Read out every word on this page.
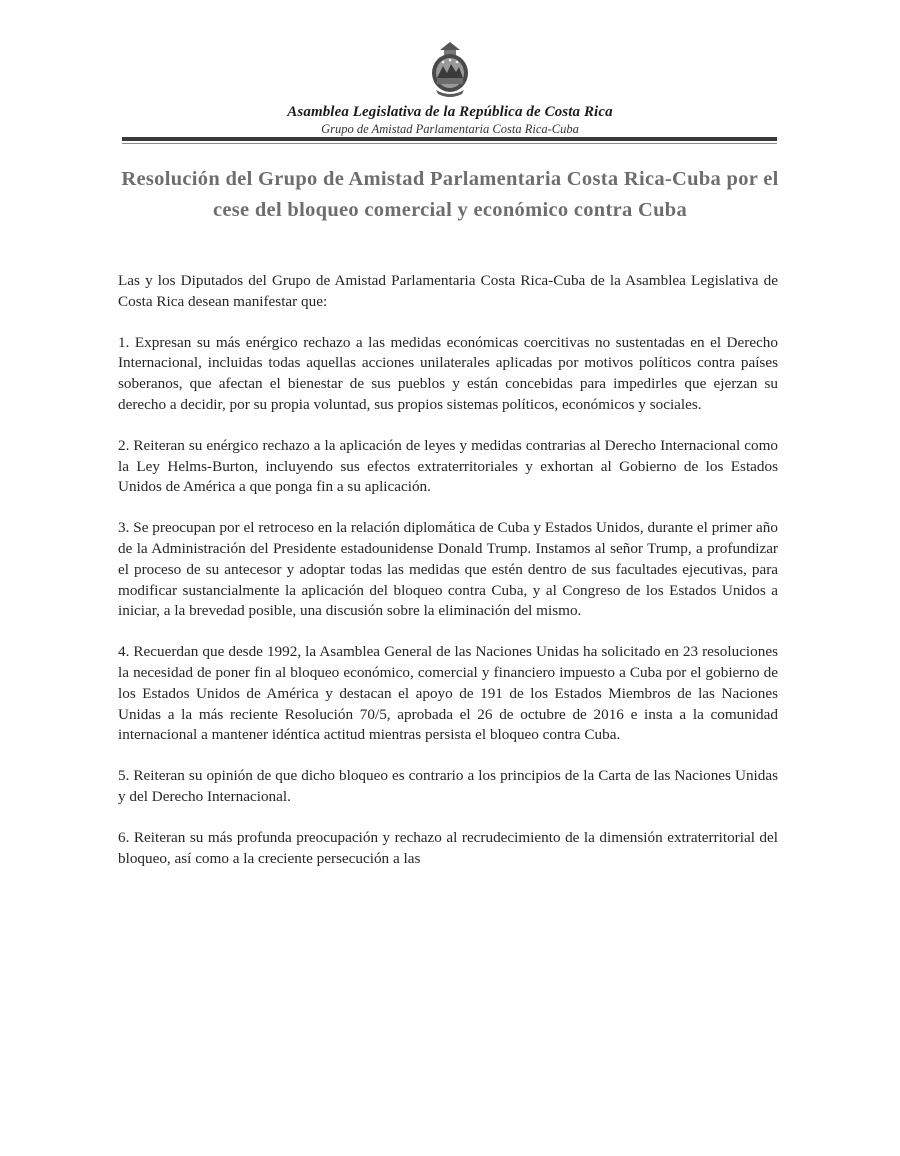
Asamblea Legislativa de la República de Costa Rica
Grupo de Amistad Parlamentaria Costa Rica-Cuba
Resolución del Grupo de Amistad Parlamentaria Costa Rica-Cuba por el cese del bloqueo comercial y económico contra Cuba

Las y los Diputados del Grupo de Amistad Parlamentaria Costa Rica-Cuba de la Asamblea Legislativa de Costa Rica desean manifestar que:

1. Expresan su más enérgico rechazo a las medidas económicas coercitivas no sustentadas en el Derecho Internacional, incluidas todas aquellas acciones unilaterales aplicadas por motivos políticos contra países soberanos, que afectan el bienestar de sus pueblos y están concebidas para impedirles que ejerzan su derecho a decidir, por su propia voluntad, sus propios sistemas políticos, económicos y sociales.

2. Reiteran su enérgico rechazo a la aplicación de leyes y medidas contrarias al Derecho Internacional como la Ley Helms-Burton, incluyendo sus efectos extraterritoriales y exhortan al Gobierno de los Estados Unidos de América a que ponga fin a su aplicación.

3. Se preocupan por el retroceso en la relación diplomática de Cuba y Estados Unidos, durante el primer año de la Administración del Presidente estadounidense Donald Trump. Instamos al señor Trump, a profundizar el proceso de su antecesor y adoptar todas las medidas que estén dentro de sus facultades ejecutivas, para modificar sustancialmente la aplicación del bloqueo contra Cuba, y al Congreso de los Estados Unidos a iniciar, a la brevedad posible, una discusión sobre la eliminación del mismo.

4. Recuerdan que desde 1992, la Asamblea General de las Naciones Unidas ha solicitado en 23 resoluciones la necesidad de poner fin al bloqueo económico, comercial y financiero impuesto a Cuba por el gobierno de los Estados Unidos de América y destacan el apoyo de 191 de los Estados Miembros de las Naciones Unidas a la más reciente Resolución 70/5, aprobada el 26 de octubre de 2016 e insta a la comunidad internacional a mantener idéntica actitud mientras persista el bloqueo contra Cuba.

5. Reiteran su opinión de que dicho bloqueo es contrario a los principios de la Carta de las Naciones Unidas y del Derecho Internacional.

6. Reiteran su más profunda preocupación y rechazo al recrudecimiento de la dimensión extraterritorial del bloqueo, así como a la creciente persecución a las
